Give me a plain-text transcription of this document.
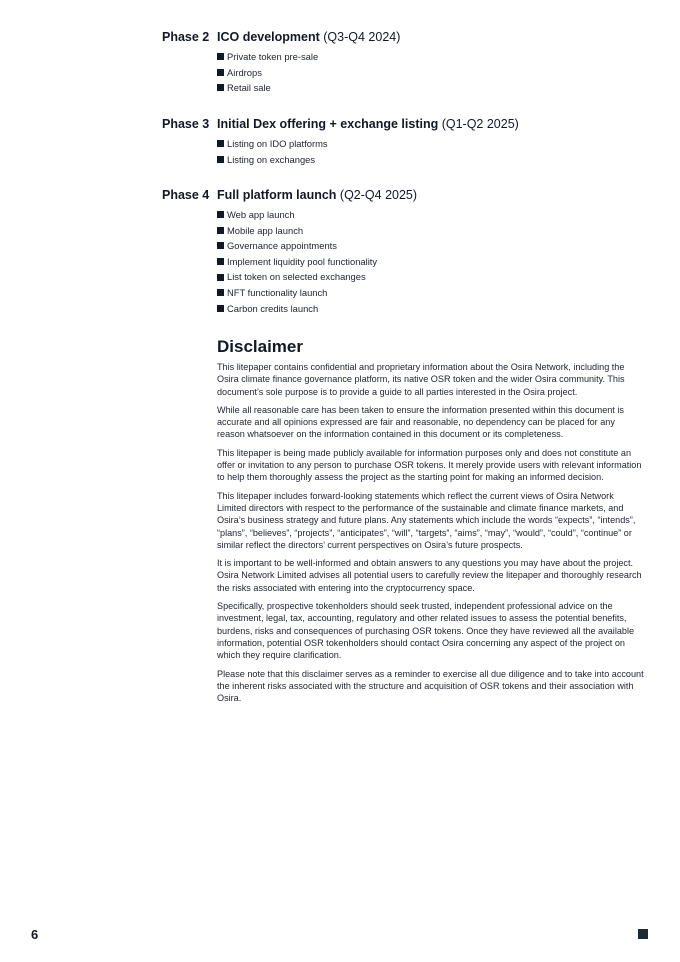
Phase 2 ICO development (Q3-Q4 2024)
Private token pre-sale
Airdrops
Retail sale
Phase 3 Initial Dex offering + exchange listing (Q1-Q2 2025)
Listing on IDO platforms
Listing on exchanges
Phase 4 Full platform launch (Q2-Q4 2025)
Web app launch
Mobile app launch
Governance appointments
Implement liquidity pool functionality
List token on selected exchanges
NFT functionality launch
Carbon credits launch
Disclaimer

This litepaper contains confidential and proprietary information about the Osira Network, including the Osira climate finance governance platform, its native OSR token and the wider Osira community. This document’s sole purpose is to provide a guide to all parties interested in the Osira project.

While all reasonable care has been taken to ensure the information presented within this document is accurate and all opinions expressed are fair and reasonable, no dependency can be placed for any reason whatsoever on the information contained in this document or its completeness.

This litepaper is being made publicly available for information purposes only and does not constitute an offer or invitation to any person to purchase OSR tokens. It merely provide users with relevant information to help them thoroughly assess the project as the starting point for making an informed decision.

This litepaper includes forward-looking statements which reflect the current views of Osira Network Limited directors with respect to the performance of the sustainable and climate finance markets, and Osira’s business strategy and future plans. Any statements which include the words “expects”, “intends”, “plans”, “believes”, “projects”, “anticipates”, “will”, “targets”, “aims”, “may”, “would”, “could”, “continue” or similar reflect the directors’ current perspectives on Osira’s future prospects.

It is important to be well-informed and obtain answers to any questions you may have about the project. Osira Network Limited advises all potential users to carefully review the litepaper and thoroughly research the risks associated with entering into the cryptocurrency space.

Specifically, prospective tokenholders should seek trusted, independent professional advice on the investment, legal, tax, accounting, regulatory and other related issues to assess the potential benefits, burdens, risks and consequences of purchasing OSR tokens. Once they have reviewed all the available information, potential OSR tokenholders should contact Osira concerning any aspect of the project on which they require clarification.

Please note that this disclaimer serves as a reminder to exercise all due diligence and to take into account the inherent risks associated with the structure and acquisition of OSR tokens and their association with Osira.

6
